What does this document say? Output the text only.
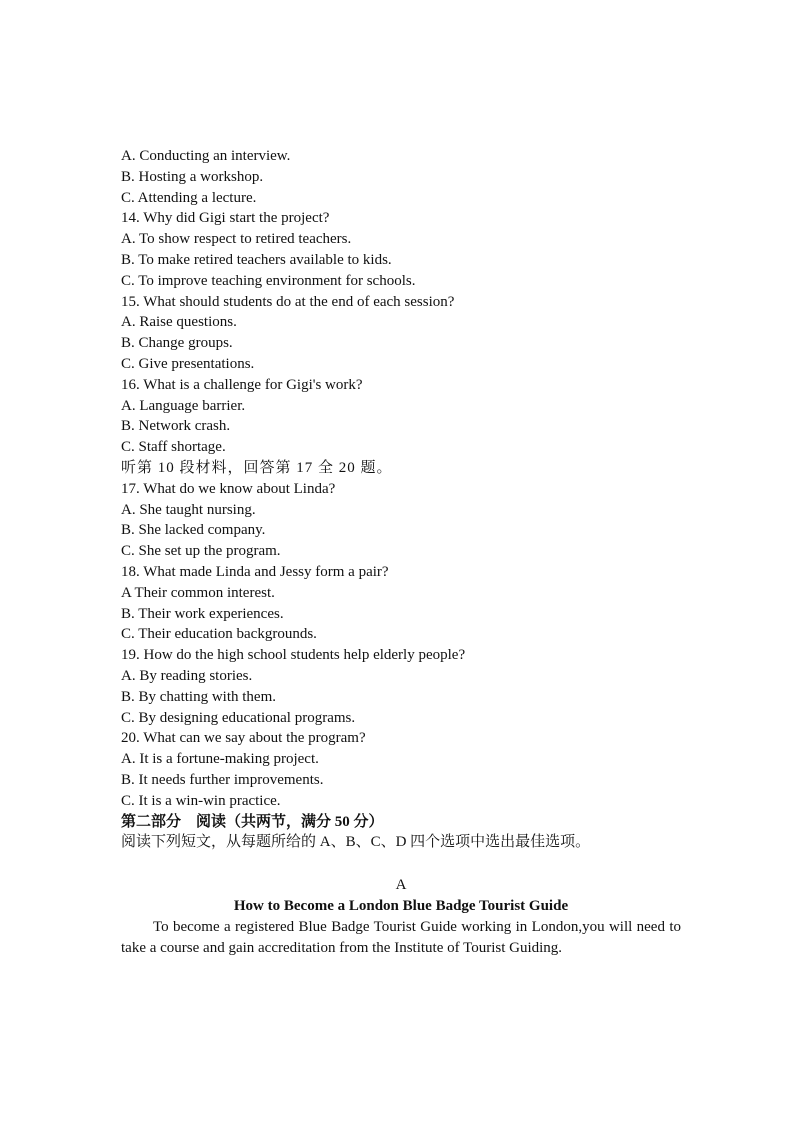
A. Conducting an interview.
B. Hosting a workshop.
C. Attending a lecture.
14. Why did Gigi start the project?
A. To show respect to retired teachers.
B. To make retired teachers available to kids.
C. To improve teaching environment for schools.
15. What should students do at the end of each session?
A. Raise questions.
B. Change groups.
C. Give presentations.
16. What is a challenge for Gigi's work?
A. Language barrier.
B. Network crash.
C. Staff shortage.
听第 10 段材料，回答第 17 全 20 题。
17. What do we know about Linda?
A. She taught nursing.
B. She lacked company.
C. She set up the program.
18. What made Linda and Jessy form a pair?
A Their common interest.
B. Their work experiences.
C. Their education backgrounds.
19. How do the high school students help elderly people?
A. By reading stories.
B. By chatting with them.
C. By designing educational programs.
20. What can we say about the program?
A. It is a fortune-making project.
B. It needs further improvements.
C. It is a win-win practice.
第二部分　阅读（共两节，满分 50 分）
阅读下列短文，从每题所给的 A、B、C、D 四个选项中选出最佳选项。
A
How to Become a London Blue Badge Tourist Guide
To become a registered Blue Badge Tourist Guide working in London,you will need to take a course and gain accreditation from the Institute of Tourist Guiding.
